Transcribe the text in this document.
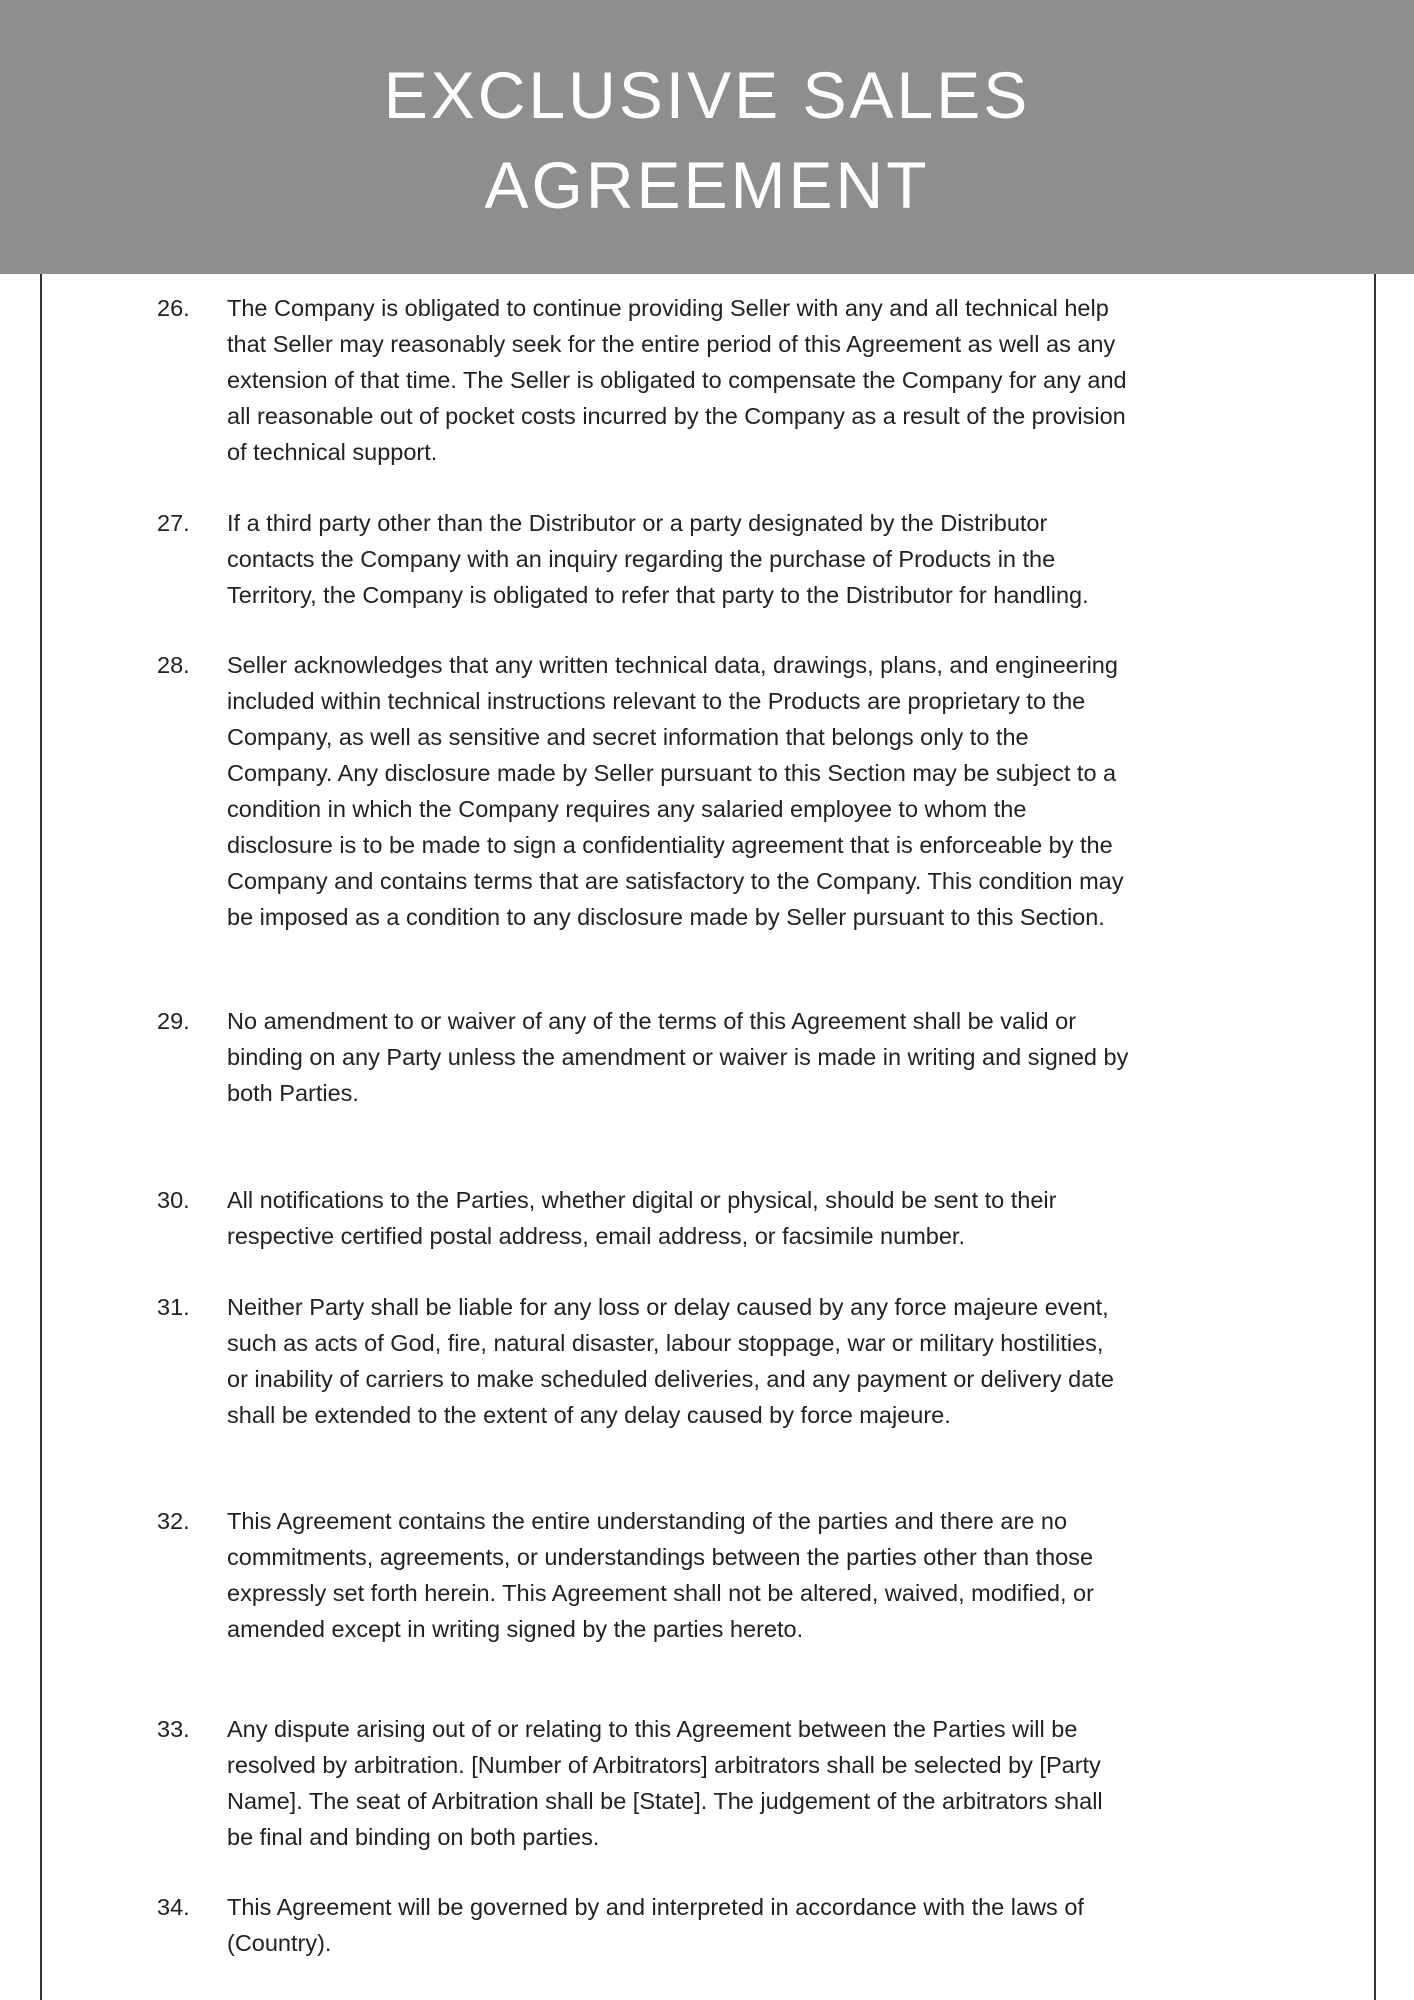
EXCLUSIVE SALES
AGREEMENT
26. The Company is obligated to continue providing Seller with any and all technical help
that Seller may reasonably seek for the entire period of this Agreement as well as any
extension of that time. The Seller is obligated to compensate the Company for any and
all reasonable out of pocket costs incurred by the Company as a result of the provision
of technical support.
27. If a third party other than the Distributor or a party designated by the Distributor
contacts the Company with an inquiry regarding the purchase of Products in the
Territory, the Company is obligated to refer that party to the Distributor for handling.
28. Seller acknowledges that any written technical data, drawings, plans, and engineering
included within technical instructions relevant to the Products are proprietary to the
Company, as well as sensitive and secret information that belongs only to the
Company. Any disclosure made by Seller pursuant to this Section may be subject to a
condition in which the Company requires any salaried employee to whom the
disclosure is to be made to sign a confidentiality agreement that is enforceable by the
Company and contains terms that are satisfactory to the Company. This condition may
be imposed as a condition to any disclosure made by Seller pursuant to this Section.
29. No amendment to or waiver of any of the terms of this Agreement shall be valid or
binding on any Party unless the amendment or waiver is made in writing and signed by
both Parties.
30. All notifications to the Parties, whether digital or physical, should be sent to their
respective certified postal address, email address, or facsimile number.
31. Neither Party shall be liable for any loss or delay caused by any force majeure event,
such as acts of God, fire, natural disaster, labour stoppage, war or military hostilities,
or inability of carriers to make scheduled deliveries, and any payment or delivery date
shall be extended to the extent of any delay caused by force majeure.
32. This Agreement contains the entire understanding of the parties and there are no
commitments, agreements, or understandings between the parties other than those
expressly set forth herein. This Agreement shall not be altered, waived, modified, or
amended except in writing signed by the parties hereto.
33. Any dispute arising out of or relating to this Agreement between the Parties will be
resolved by arbitration. [Number of Arbitrators] arbitrators shall be selected by [Party
Name]. The seat of Arbitration shall be [State]. The judgement of the arbitrators shall
be final and binding on both parties.
34. This Agreement will be governed by and interpreted in accordance with the laws of
(Country).
